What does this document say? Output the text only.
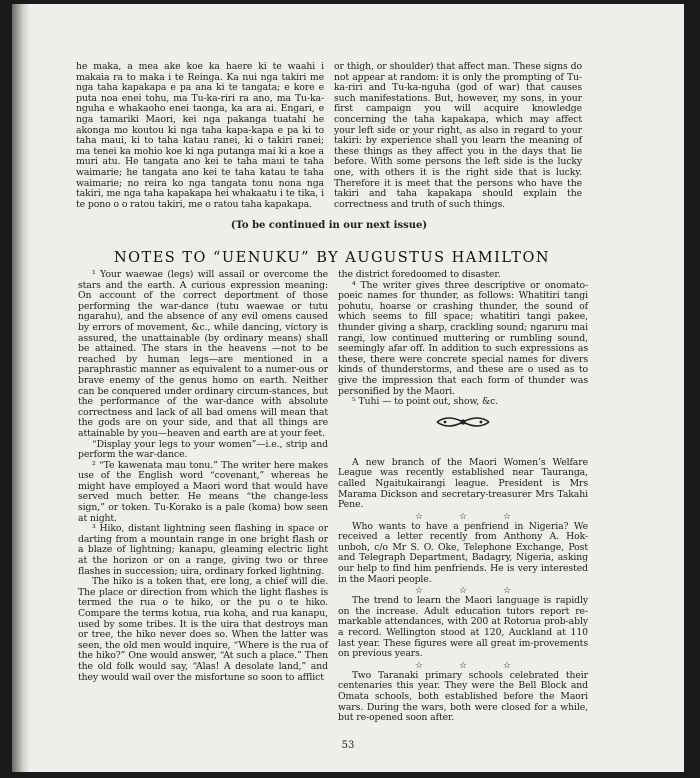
he maka, a mea ake koe ka haere ki te waahi i makaia ra to maka i te Reinga. Ka nui nga takiri me nga taha kapakapa e pa ana ki te tangata; e kore e puta noa enei tohu, ma Tu-ka-riri ra ano, ma Tu-ka-nguha e whakaoho enei taonga, ka ara ai. Engari, e nga tamariki Maori, kei nga pakanga tuatahi he akonga mo koutou ki nga taha kapa-kapa e pa ki to taha maui, ki to taha katau ranei, ki o takiri ranei; ma tenei ka mohio koe ki nga putanga mai ki a koe a muri atu. He tangata ano kei te taha maui te taha waimarie; he tangata ano kei te taha katau te taha waimarie; no reira ko nga tangata tonu nona nga takiri, me nga taha kapakapa hei whakaatu i te tika, i te pono o o ratou takiri, me o ratou taha kapakapa.

or thigh, or shoulder) that affect man. These signs do not appear at random: it is only the prompting of Tu-ka-riri and Tu-ka-nguha (god of war) that causes such manifestations. But, however, my sons, in your first campaign you will acquire knowledge concerning the taha kapakapa, which may affect your left side or your right, as also in regard to your takiri: by experience shall you learn the meaning of these things as they affect you in the days that lie before. With some persons the left side is the lucky one, with others it is the right side that is lucky. Therefore it is meet that the persons who have the takiri and taha kapakapa should explain the correctness and truth of such things.

(To be continued in our next issue)
NOTES TO “UENUKU” BY AUGUSTUS HAMILTON

¹ Your waewae (legs) will assail or overcome the stars and the earth. A curious expression meaning: On account of the correct deportment of those performing the war-dance (tutu waewae or tutu ngarahu), and the absence of any evil omens caused by errors of movement, &c., while dancing, victory is assured, the unattainable (by ordinary means) shall be attained. The stars in the heavens —not to be reached by human legs—are mentioned in a paraphrastic manner as equivalent to a numer-ous or brave enemy of the genus homo on earth. Neither can be conquered under ordinary circum-stances, but the performance of the war-dance with absolute correctness and lack of all bad omens will mean that the gods are on your side, and that all things are attainable by you—heaven and earth are at your feet.

“Display your legs to your women”—i.e., strip and perform the war-dance.

² “Te kawenata mau tonu.” The writer here makes use of the English word “covenant,” whereas he might have employed a Maori word that would have served much better. He means “the change-less sign,” or token. Tu-Korako is a pale (koma) bow seen at night.

³ Hiko, distant lightning seen flashing in space or darting from a mountain range in one bright flash or a blaze of lightning; kanapu, gleaming electric light at the horizon or on a range, giving two or three flashes in succession; uira, ordinary forked lightning.

The hiko is a token that, ere long, a chief will die. The place or direction from which the light flashes is termed the rua o te hiko, or the pu o te hiko. Compare the terms kotua, rua koha, and rua kanapu, used by some tribes. It is the uira that destroys man or tree, the hiko never does so. When the latter was seen, the old men would inquire, “Where is the rua of the hiko?” One would answer, “At such a place.” Then the old folk would say, “Alas! A desolate land,” and they would wail over the misfortune so soon to afflict

the district foredoomed to disaster.

⁴ The writer gives three descriptive or onomato-poeic names for thunder, as follows: Whatitiri tangi pohutu, hoarse or crashing thunder, the sound of which seems to fill space; whatitiri tangi pakee, thunder giving a sharp, crackling sound; ngaruru mai rangi, low continued muttering or rumbling sound, seemingly afar off. In addition to such expressions as these, there were concrete special names for divers kinds of thunderstorms, and these are o used as to give the impression that each form of thunder was personified by the Maori.

⁵ Tuhi — to point out, show, &c.

A new branch of the Maori Women’s Welfare League was recently established near Tauranga, called Ngaitukairangi league. President is Mrs Marama Dickson and secretary-treasurer Mrs Takahi Pene.

☆☆☆

Who wants to have a penfriend in Nigeria? We received a letter recently from Anthony A. Hok-unboh, c/o Mr S. O. Oke, Telephone Exchange, Post and Telegraph Department, Badagry, Nigeria, asking our help to find him penfriends. He is very interested in the Maori people.

☆☆☆

The trend to learn the Maori language is rapidly on the increase. Adult education tutors report re-markable attendances, with 200 at Rotorua prob-ably a record. Wellington stood at 120, Auckland at 110 last year. These figures were all great im-provements on previous years.

☆☆☆

Two Taranaki primary schools celebrated their centenaries this year. They were the Bell Block and Omata schools, both established before the Maori wars. During the wars, both were closed for a while, but re-opened soon after.

53
